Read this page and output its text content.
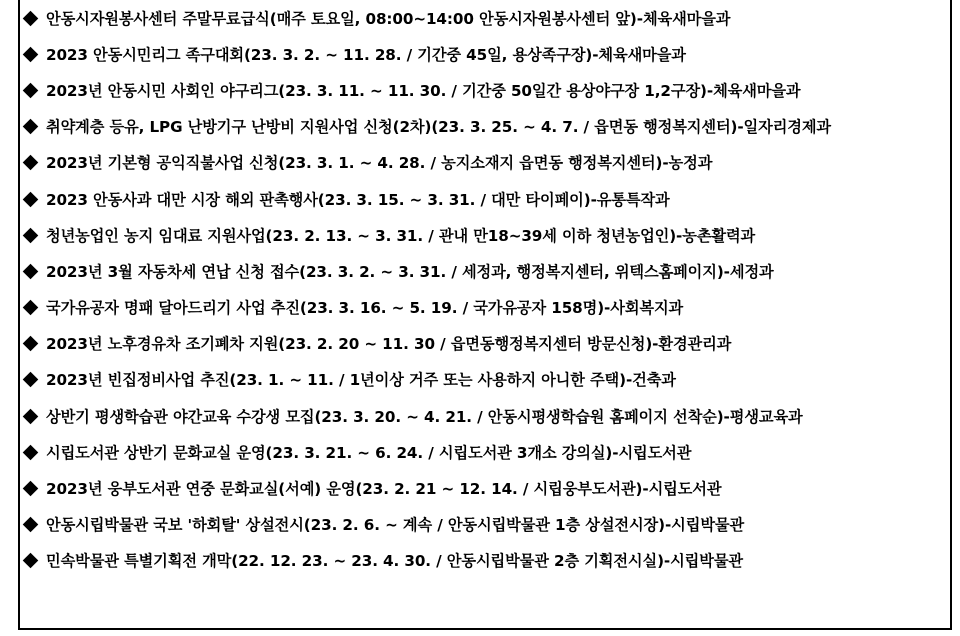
안동시자원봉사센터 주말무료급식(매주 토요일, 08:00~14:00 안동시자원봉사센터 앞)-체육새마을과
2023 안동시민리그 족구대회(23. 3. 2. ~ 11. 28. / 기간중 45일, 용상족구장)-체육새마을과
2023년 안동시민 사회인 야구리그(23. 3. 11. ~ 11. 30. / 기간중 50일간 용상야구장 1,2구장)-체육새마을과
취약계층 등유, LPG 난방기구 난방비 지원사업 신청(2차)(23. 3. 25. ~ 4. 7. / 읍면동 행정복지센터)-일자리경제과
2023년 기본형 공익직불사업 신청(23. 3. 1. ~ 4. 28. / 농지소재지 읍면동 행정복지센터)-농정과
2023 안동사과 대만 시장 해외 판촉행사(23. 3. 15. ~ 3. 31. / 대만 타이페이)-유통특작과
청년농업인 농지 임대료 지원사업(23. 2. 13. ~ 3. 31. / 관내 만18~39세 이하 청년농업인)-농촌활력과
2023년 3월 자동차세 연납 신청 접수(23. 3. 2. ~ 3. 31. / 세정과, 행정복지센터, 위텍스홈페이지)-세정과
국가유공자 명패 달아드리기 사업 추진(23. 3. 16. ~ 5. 19. / 국가유공자 158명)-사회복지과
2023년 노후경유차 조기폐차 지원(23. 2. 20 ~ 11. 30 / 읍면동행정복지센터 방문신청)-환경관리과
2023년 빈집정비사업 추진(23. 1. ~ 11. / 1년이상 거주 또는 사용하지 아니한 주택)-건축과
상반기 평생학습관 야간교육 수강생 모집(23. 3. 20. ~ 4. 21. / 안동시평생학습원 홈페이지 선착순)-평생교육과
시립도서관 상반기 문화교실 운영(23. 3. 21. ~ 6. 24. / 시립도서관 3개소 강의실)-시립도서관
2023년 웅부도서관 연중 문화교실(서예) 운영(23. 2. 21 ~ 12. 14. / 시립웅부도서관)-시립도서관
안동시립박물관 국보 '하회탈' 상설전시(23. 2. 6. ~ 계속 / 안동시립박물관 1층 상설전시장)-시립박물관
민속박물관 특별기획전 개막(22. 12. 23. ~ 23. 4. 30. / 안동시립박물관 2층 기획전시실)-시립박물관
